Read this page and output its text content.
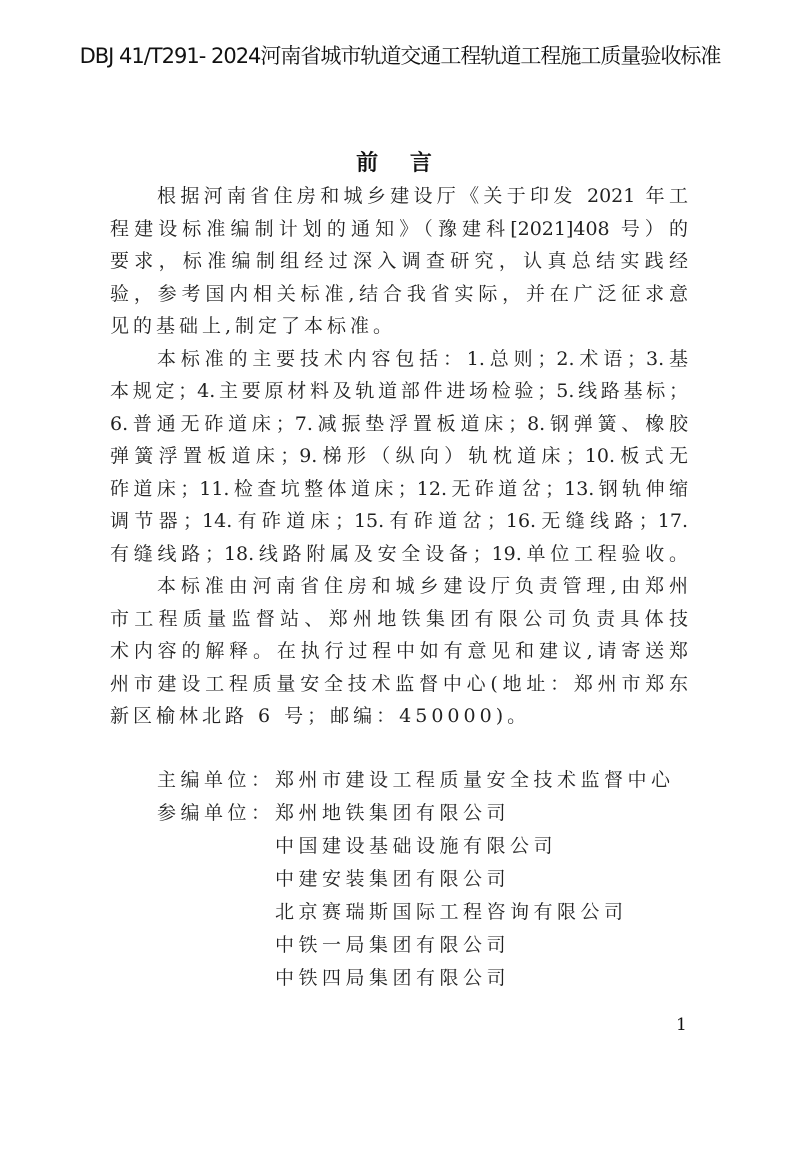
DBJ 41/T291- 2024河南省城市轨道交通工程轨道工程施工质量验收标准
前 言
根据河南省住房和城乡建设厅《关于印发 2021 年工
程建设标准编制计划的通知》（豫建科[2021]408 号）的
要求，标准编制组经过深入调查研究，认真总结实践经
验，参考国内相关标准,结合我省实际，并在广泛征求意
见的基础上,制定了本标准。
本标准的主要技术内容包括：1.总则；2.术语；3.基
本规定；4.主要原材料及轨道部件进场检验；5.线路基标；
6.普通无砟道床；7.减振垫浮置板道床；8.钢弹簧、橡胶
弹簧浮置板道床；9.梯形（纵向）轨枕道床；10.板式无
砟道床；11.检查坑整体道床；12.无砟道岔；13.钢轨伸缩
调节器；14.有砟道床；15.有砟道岔；16.无缝线路；17.
有缝线路；18.线路附属及安全设备；19.单位工程验收。
本标准由河南省住房和城乡建设厅负责管理,由郑州
市工程质量监督站、郑州地铁集团有限公司负责具体技
术内容的解释。在执行过程中如有意见和建议,请寄送郑
州市建设工程质量安全技术监督中心(地址：郑州市郑东
新区榆林北路 6 号；邮编：450000)。
主编单位： 郑州市建设工程质量安全技术监督中心
参编单位： 郑州地铁集团有限公司
中国建设基础设施有限公司
中建安装集团有限公司
北京赛瑞斯国际工程咨询有限公司
中铁一局集团有限公司
中铁四局集团有限公司
1
